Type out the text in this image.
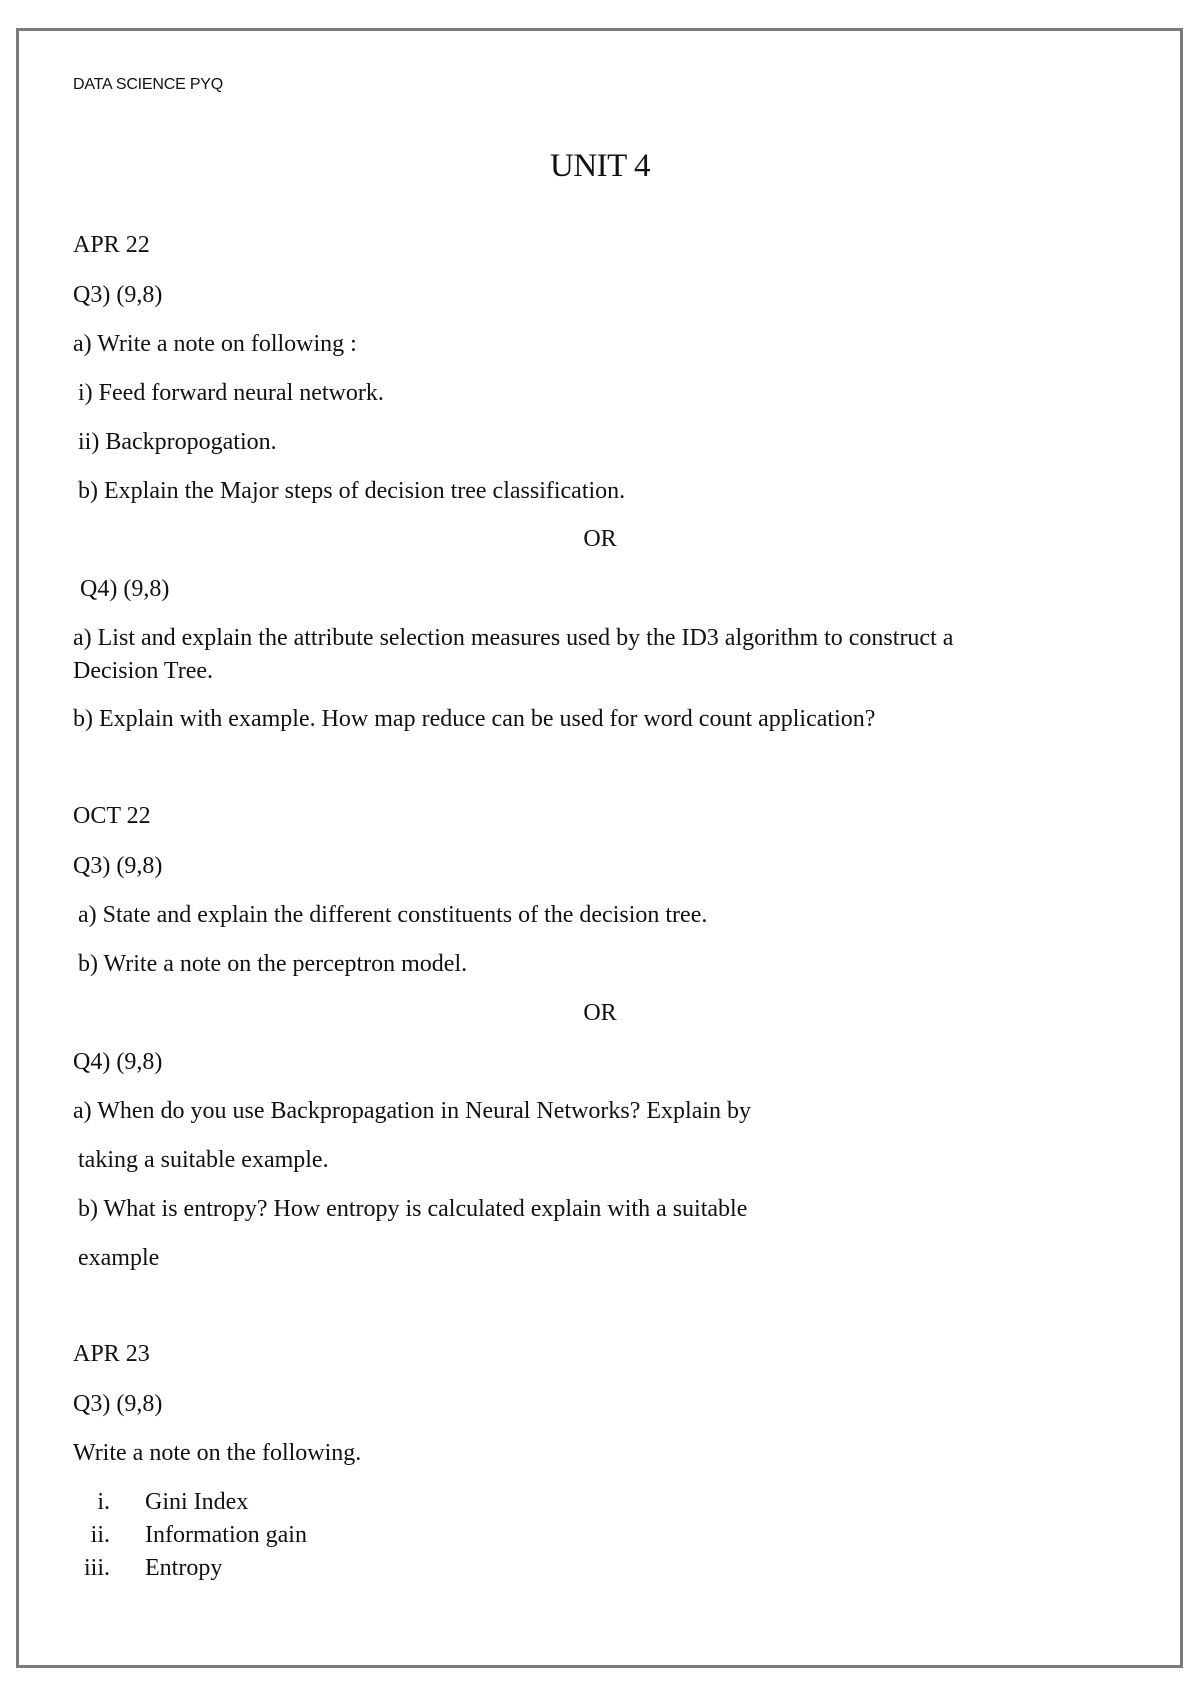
DATA SCIENCE PYQ
UNIT 4
APR 22
Q3) (9,8)
a) Write a note on following :
i) Feed forward neural network.
ii) Backpropogation.
b) Explain the Major steps of decision tree classification.
OR
Q4) (9,8)
a) List and explain the attribute selection measures used by the ID3 algorithm to construct a
Decision Tree.
b) Explain with example. How map reduce can be used for word count application?
OCT 22
Q3) (9,8)
a) State and explain the different constituents of the decision tree.
b) Write a note on the perceptron model.
OR
Q4) (9,8)
a) When do you use Backpropagation in Neural Networks? Explain by
taking a suitable example.
b) What is entropy? How entropy is calculated explain with a suitable
example
APR 23
Q3) (9,8)
Write a note on the following.
i. Gini Index
ii. Information gain
iii. Entropy
